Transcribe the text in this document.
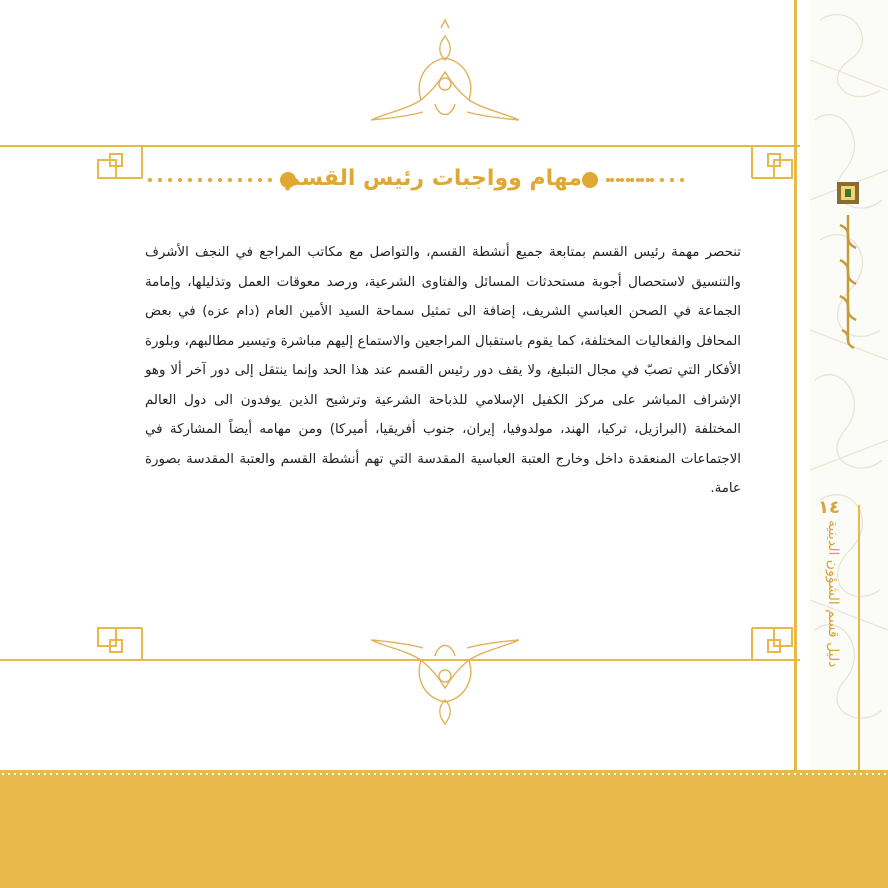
مهام وواجبات رئيس القسم

تنحصر مهمة رئيس القسم بمتابعة جميع أنشطة القسم، والتواصل مع مكاتب المراجع في النجف الأشرف والتنسيق لاستحصال أجوبة مستحدثات المسائل والفتاوى الشرعية، ورصد معوقات العمل وتذليلها، وإمامة الجماعة في الصحن العباسي الشريف، إضافة الى تمثيل سماحة السيد الأمين العام (دام عزه) في بعض المحافل والفعاليات المختلفة، كما يقوم باستقبال المراجعين والاستماع إليهم مباشرة وتيسير مطالبهم، وبلورة الأفكار التي تصبّ في مجال التبليغ، ولا يقف دور رئيس القسم عند هذا الحد وإنما ينتقل إلى دور آخر ألا وهو الإشراف المباشر على مركز الكفيل الإسلامي للذباحة الشرعية وترشيح الذين يوفدون الى دول العالم المختلفة (البرازيل، تركيا، الهند، مولدوفيا، إيران، جنوب أفريقيا، أميركا) ومن مهامه أيضاً المشاركة في الاجتماعات المنعقدة داخل وخارج العتبة العباسية المقدسة التي تهم أنشطة القسم والعتبة المقدسة بصورة عامة.

١٤
دليل قسم الشؤون الدينية
